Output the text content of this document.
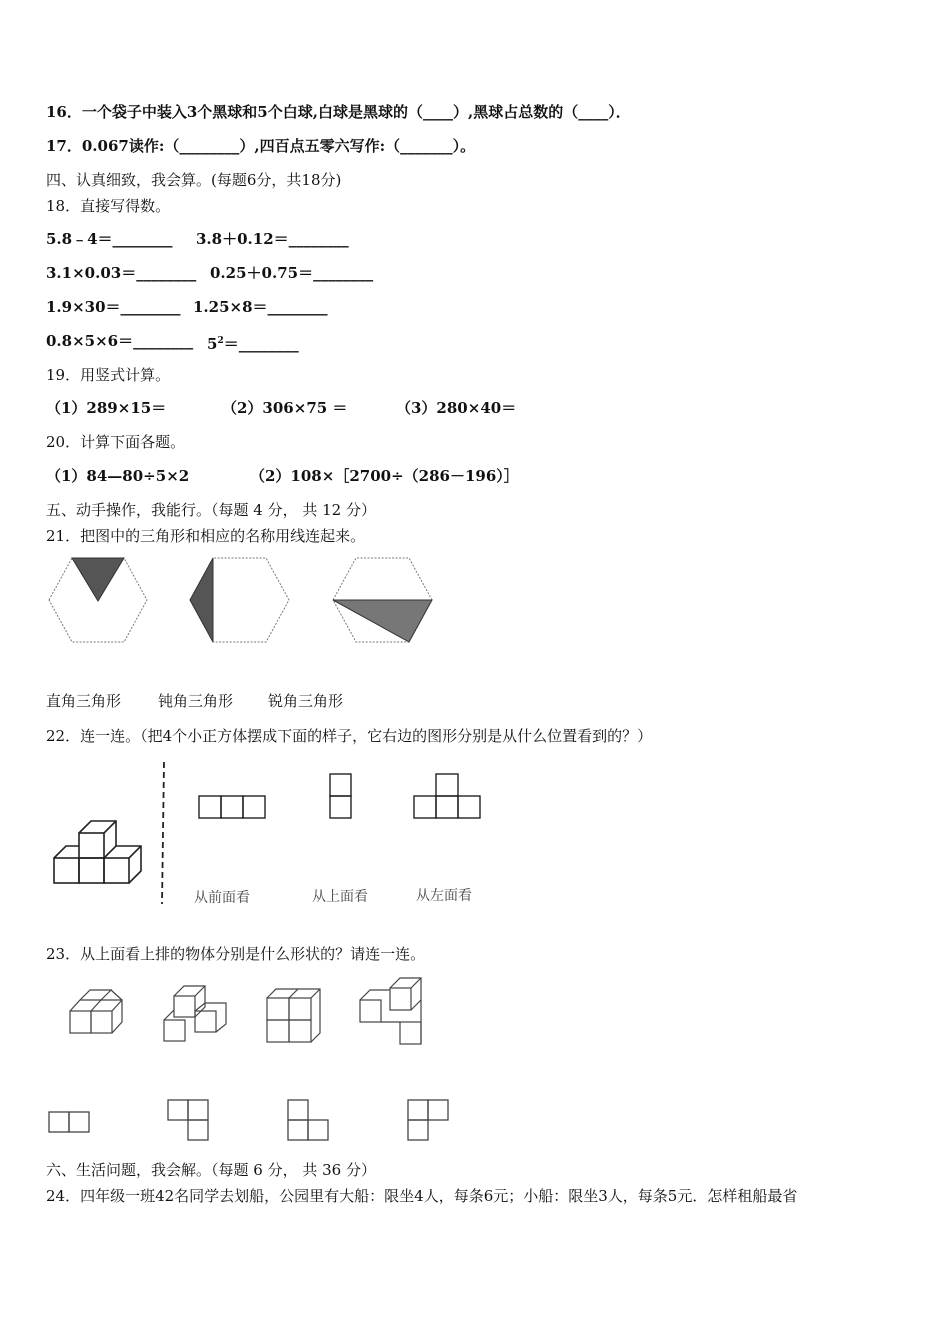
16．一个袋子中装入3个黑球和5个白球,白球是黑球的（____）,黑球占总数的（____）．
17．0.067读作:（________）,四百点五零六写作:（_______）。
四、认真细致，我会算。(每题6分，共18分)
18．直接写得数。
5.8﹣4＝________ 3.8＋0.12＝________
3.1×0.03＝________ 0.25＋0.75＝________
1.9×30＝________ 1.25×8＝________
0.8×5×6＝________ $5^2=\_\_\_\_\_\_\_\_$
19．用竖式计算。
（1）289×15＝	（2）306×75 ＝	（3）280×40＝
20．计算下面各题。
（1）84—80÷5×2	（2）108×［2700÷（286－196）］
五、动手操作，我能行。（每题 4 分， 共 12 分）
21．把图中的三角形和相应的名称用线连起来。
直角三角形 钝角三角形 锐角三角形
22．连一连。（把4个小正方体摆成下面的样子，它右边的图形分别是从什么位置看到的？）
从前面看	从上面看	从左面看
23．从上面看上排的物体分别是什么形状的？请连一连。
六、生活问题，我会解。（每题 6 分， 共 36 分）
24．四年级一班42名同学去划船，公园里有大船：限坐4人，每条6元；小船：限坐3人，每条5元．怎样租船最省
